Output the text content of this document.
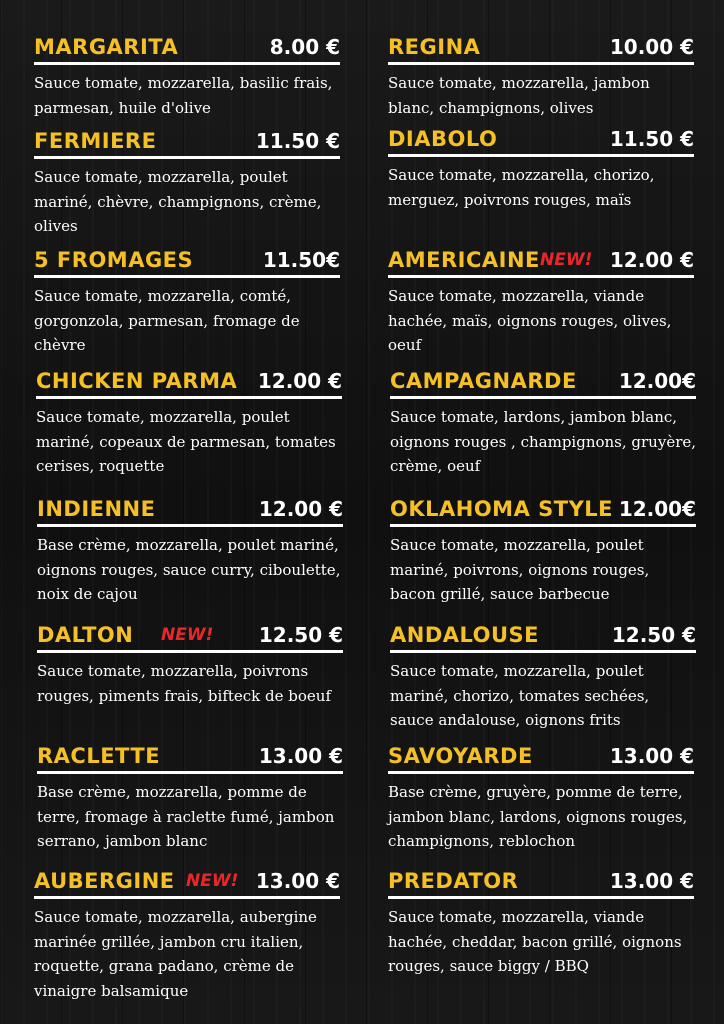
MARGARITA	8.00 €
Sauce tomate, mozzarella, basilic frais, parmesan, huile d'olive
REGINA	10.00 €
Sauce tomate, mozzarella, jambon blanc, champignons, olives
FERMIERE	11.50 €
Sauce tomate, mozzarella, poulet mariné, chèvre, champignons, crème, olives
DIABOLO	11.50 €
Sauce tomate, mozzarella, chorizo, merguez, poivrons rouges, maïs
5 FROMAGES	11.50€
Sauce tomate, mozzarella, comté, gorgonzola, parmesan, fromage de chèvre
AMERICAINE NEW! 12.00 €
Sauce tomate, mozzarella, viande hachée, maïs, oignons rouges, olives, oeuf
CHICKEN PARMA 12.00 €
Sauce tomate, mozzarella, poulet mariné, copeaux de parmesan, tomates cerises, roquette
CAMPAGNARDE 12.00€
Sauce tomate, lardons, jambon blanc, oignons rouges , champignons, gruyère, crème, oeuf
INDIENNE	12.00 €
Base crème, mozzarella, poulet mariné, oignons rouges, sauce curry, ciboulette, noix de cajou
OKLAHOMA STYLE 12.00€
Sauce tomate, mozzarella, poulet mariné, poivrons, oignons rouges, bacon grillé, sauce barbecue
DALTON NEW! 12.50 €
Sauce tomate, mozzarella, poivrons rouges, piments frais, bifteck de boeuf
ANDALOUSE	12.50 €
Sauce tomate, mozzarella, poulet mariné, chorizo, tomates sechées, sauce andalouse, oignons frits
RACLETTE	13.00 €
Base crème, mozzarella, pomme de terre, fromage à raclette fumé, jambon serrano, jambon blanc
SAVOYARDE	13.00 €
Base crème, gruyère, pomme de terre, jambon blanc, lardons, oignons rouges, champignons, reblochon
AUBERGINE NEW! 13.00 €
Sauce tomate, mozzarella, aubergine marinée grillée, jambon cru italien, roquette, grana padano, crème de vinaigre balsamique
PREDATOR	13.00 €
Sauce tomate, mozzarella, viande hachée, cheddar, bacon grillé, oignons rouges, sauce biggy / BBQ
